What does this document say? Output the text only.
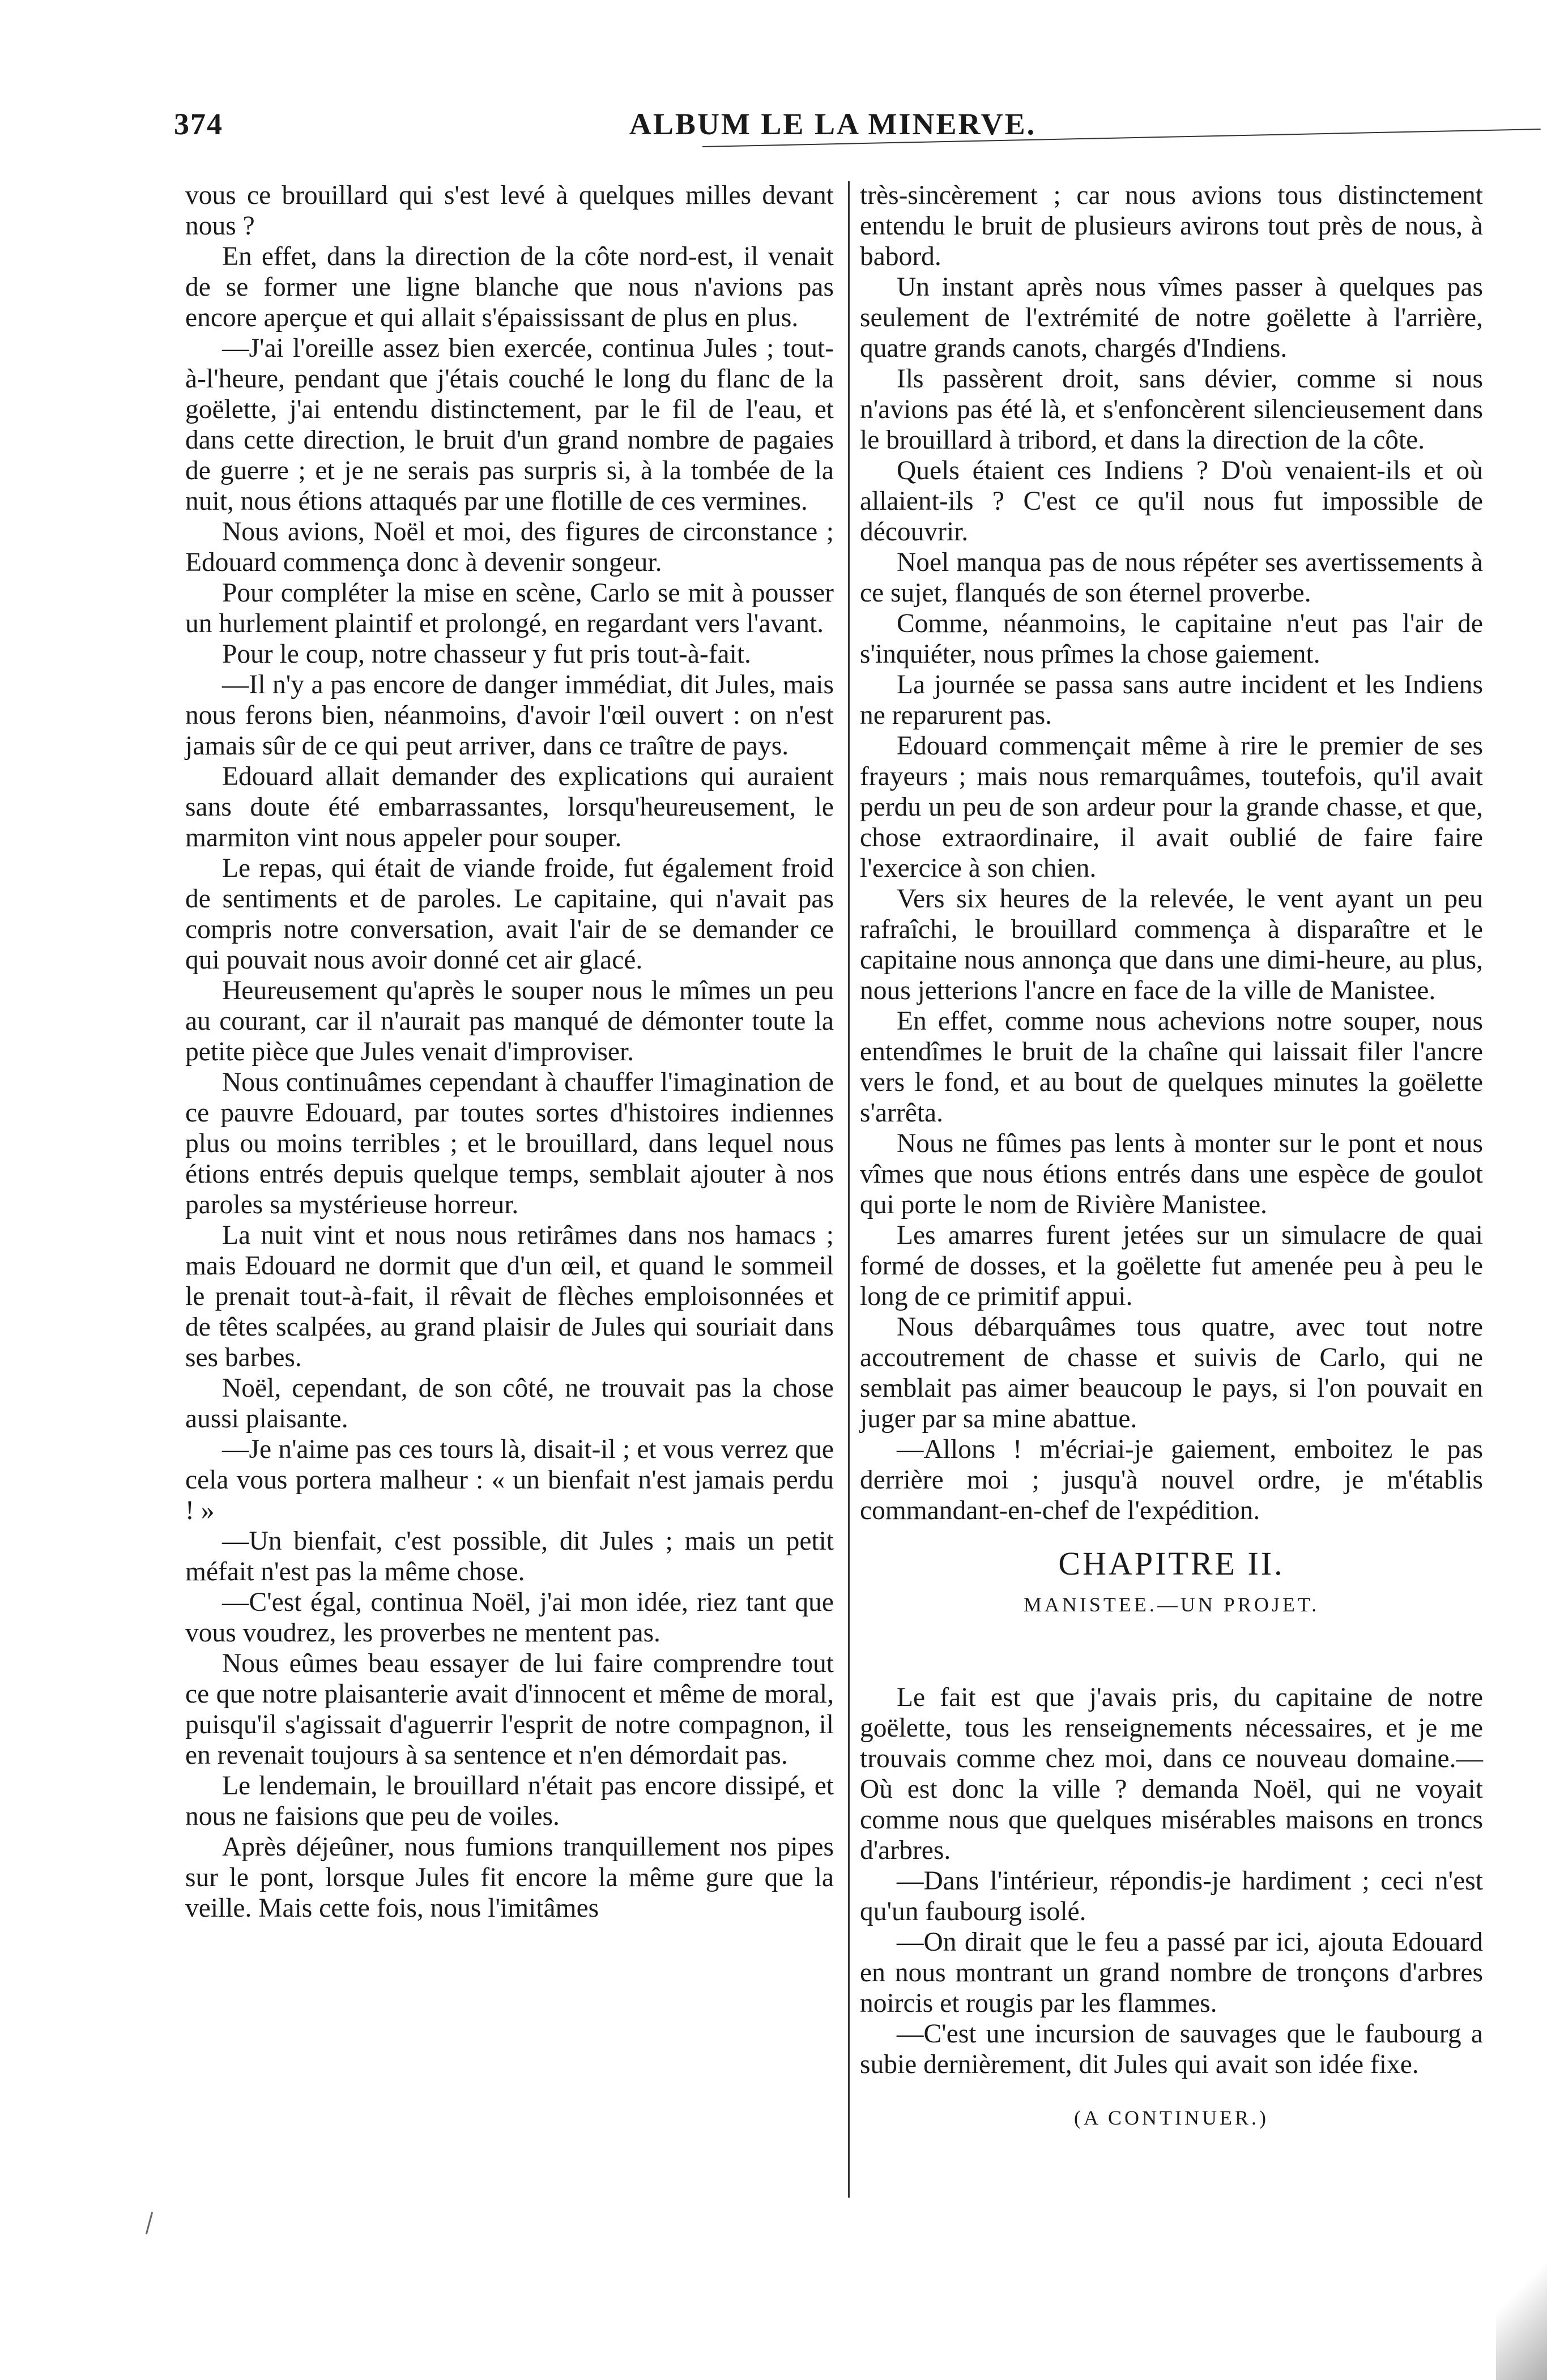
374	ALBUM LE LA MINERVE.

vous ce brouillard qui s'est levé à quelques milles devant nous ?

En effet, dans la direction de la côte nord-est, il venait de se former une ligne blanche que nous n'avions pas encore aperçue et qui allait s'épaississant de plus en plus.

—J'ai l'oreille assez bien exercée, continua Jules ; tout-à-l'heure, pendant que j'étais couché le long du flanc de la goëlette, j'ai entendu distinctement, par le fil de l'eau, et dans cette direction, le bruit d'un grand nombre de pagaies de guerre ; et je ne serais pas surpris si, à la tombée de la nuit, nous étions attaqués par une flotille de ces vermines.

Nous avions, Noël et moi, des figures de circonstance ; Edouard commença donc à devenir songeur.

Pour compléter la mise en scène, Carlo se mit à pousser un hurlement plaintif et prolongé, en regardant vers l'avant.

Pour le coup, notre chasseur y fut pris tout-à-fait.

—Il n'y a pas encore de danger immédiat, dit Jules, mais nous ferons bien, néanmoins, d'avoir l'œil ouvert : on n'est jamais sûr de ce qui peut arriver, dans ce traître de pays.

Edouard allait demander des explications qui auraient sans doute été embarrassantes, lorsqu'heureusement, le marmiton vint nous appeler pour souper.

Le repas, qui était de viande froide, fut également froid de sentiments et de paroles. Le capitaine, qui n'avait pas compris notre conversation, avait l'air de se demander ce qui pouvait nous avoir donné cet air glacé.

Heureusement qu'après le souper nous le mîmes un peu au courant, car il n'aurait pas manqué de démonter toute la petite pièce que Jules venait d'improviser.

Nous continuâmes cependant à chauffer l'imagination de ce pauvre Edouard, par toutes sortes d'histoires indiennes plus ou moins terribles ; et le brouillard, dans lequel nous étions entrés depuis quelque temps, semblait ajouter à nos paroles sa mystérieuse horreur.

La nuit vint et nous nous retirâmes dans nos hamacs ; mais Edouard ne dormit que d'un œil, et quand le sommeil le prenait tout-à-fait, il rêvait de flèches emploisonnées et de têtes scalpées, au grand plaisir de Jules qui souriait dans ses barbes.

Noël, cependant, de son côté, ne trouvait pas la chose aussi plaisante.

—Je n'aime pas ces tours là, disait-il ; et vous verrez que cela vous portera malheur : « un bienfait n'est jamais perdu ! »

—Un bienfait, c'est possible, dit Jules ; mais un petit méfait n'est pas la même chose.

—C'est égal, continua Noël, j'ai mon idée, riez tant que vous voudrez, les proverbes ne mentent pas.

Nous eûmes beau essayer de lui faire comprendre tout ce que notre plaisanterie avait d'innocent et même de moral, puisqu'il s'agissait d'aguerrir l'esprit de notre compagnon, il en revenait toujours à sa sentence et n'en démordait pas.

Le lendemain, le brouillard n'était pas encore dissipé, et nous ne faisions que peu de voiles.

Après déjeûner, nous fumions tranquillement nos pipes sur le pont, lorsque Jules fit encore la même gure que la veille. Mais cette fois, nous l'imitâmes

très-sincèrement ; car nous avions tous distinctement entendu le bruit de plusieurs avirons tout près de nous, à babord.

Un instant après nous vîmes passer à quelques pas seulement de l'extrémité de notre goëlette à l'arrière, quatre grands canots, chargés d'Indiens.

Ils passèrent droit, sans dévier, comme si nous n'avions pas été là, et s'enfoncèrent silencieusement dans le brouillard à tribord, et dans la direction de la côte.

Quels étaient ces Indiens ? D'où venaient-ils et où allaient-ils ? C'est ce qu'il nous fut impossible de découvrir.

Noel manqua pas de nous répéter ses avertissements à ce sujet, flanqués de son éternel proverbe.

Comme, néanmoins, le capitaine n'eut pas l'air de s'inquiéter, nous prîmes la chose gaiement.

La journée se passa sans autre incident et les Indiens ne reparurent pas.

Edouard commençait même à rire le premier de ses frayeurs ; mais nous remarquâmes, toutefois, qu'il avait perdu un peu de son ardeur pour la grande chasse, et que, chose extraordinaire, il avait oublié de faire faire l'exercice à son chien.

Vers six heures de la relevée, le vent ayant un peu rafraîchi, le brouillard commença à disparaître et le capitaine nous annonça que dans une dimi-heure, au plus, nous jetterions l'ancre en face de la ville de Manistee.

En effet, comme nous achevions notre souper, nous entendîmes le bruit de la chaîne qui laissait filer l'ancre vers le fond, et au bout de quelques minutes la goëlette s'arrêta.

Nous ne fûmes pas lents à monter sur le pont et nous vîmes que nous étions entrés dans une espèce de goulot qui porte le nom de Rivière Manistee.

Les amarres furent jetées sur un simulacre de quai formé de dosses, et la goëlette fut amenée peu à peu le long de ce primitif appui.

Nous débarquâmes tous quatre, avec tout notre accoutrement de chasse et suivis de Carlo, qui ne semblait pas aimer beaucoup le pays, si l'on pouvait en juger par sa mine abattue.

—Allons ! m'écriai-je gaiement, emboitez le pas derrière moi ; jusqu'à nouvel ordre, je m'établis commandant-en-chef de l'expédition.

CHAPITRE II.
MANISTEE.—UN PROJET.

Le fait est que j'avais pris, du capitaine de notre goëlette, tous les renseignements nécessaires, et je me trouvais comme chez moi, dans ce nouveau domaine.—Où est donc la ville ? demanda Noël, qui ne voyait comme nous que quelques misérables maisons en troncs d'arbres.

—Dans l'intérieur, répondis-je hardiment ; ceci n'est qu'un faubourg isolé.

—On dirait que le feu a passé par ici, ajouta Edouard en nous montrant un grand nombre de tronçons d'arbres noircis et rougis par les flammes.

—C'est une incursion de sauvages que le faubourg a subie dernièrement, dit Jules qui avait son idée fixe.

(A CONTINUER.)
